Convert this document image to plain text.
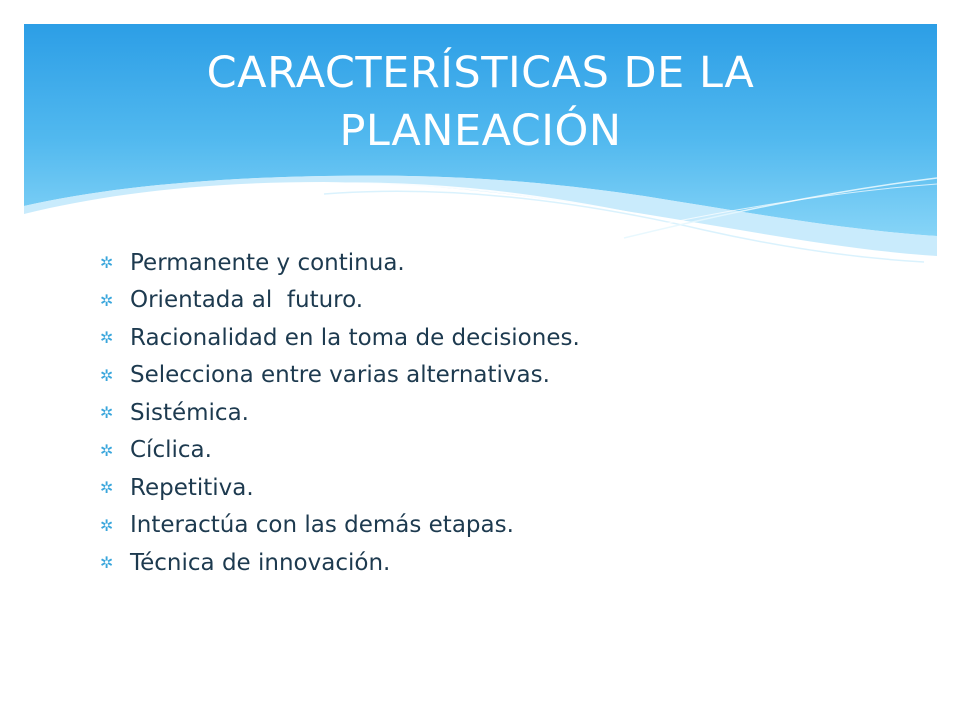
CARACTERÍSTICAS DE LA
PLANEACIÓN
✲ Permanente y continua.
✲ Orientada al  futuro.
✲ Racionalidad en la toma de decisiones.
✲ Selecciona entre varias alternativas.
✲ Sistémica.
✲ Cíclica.
✲ Repetitiva.
✲ Interactúa con las demás etapas.
✲ Técnica de innovación.
